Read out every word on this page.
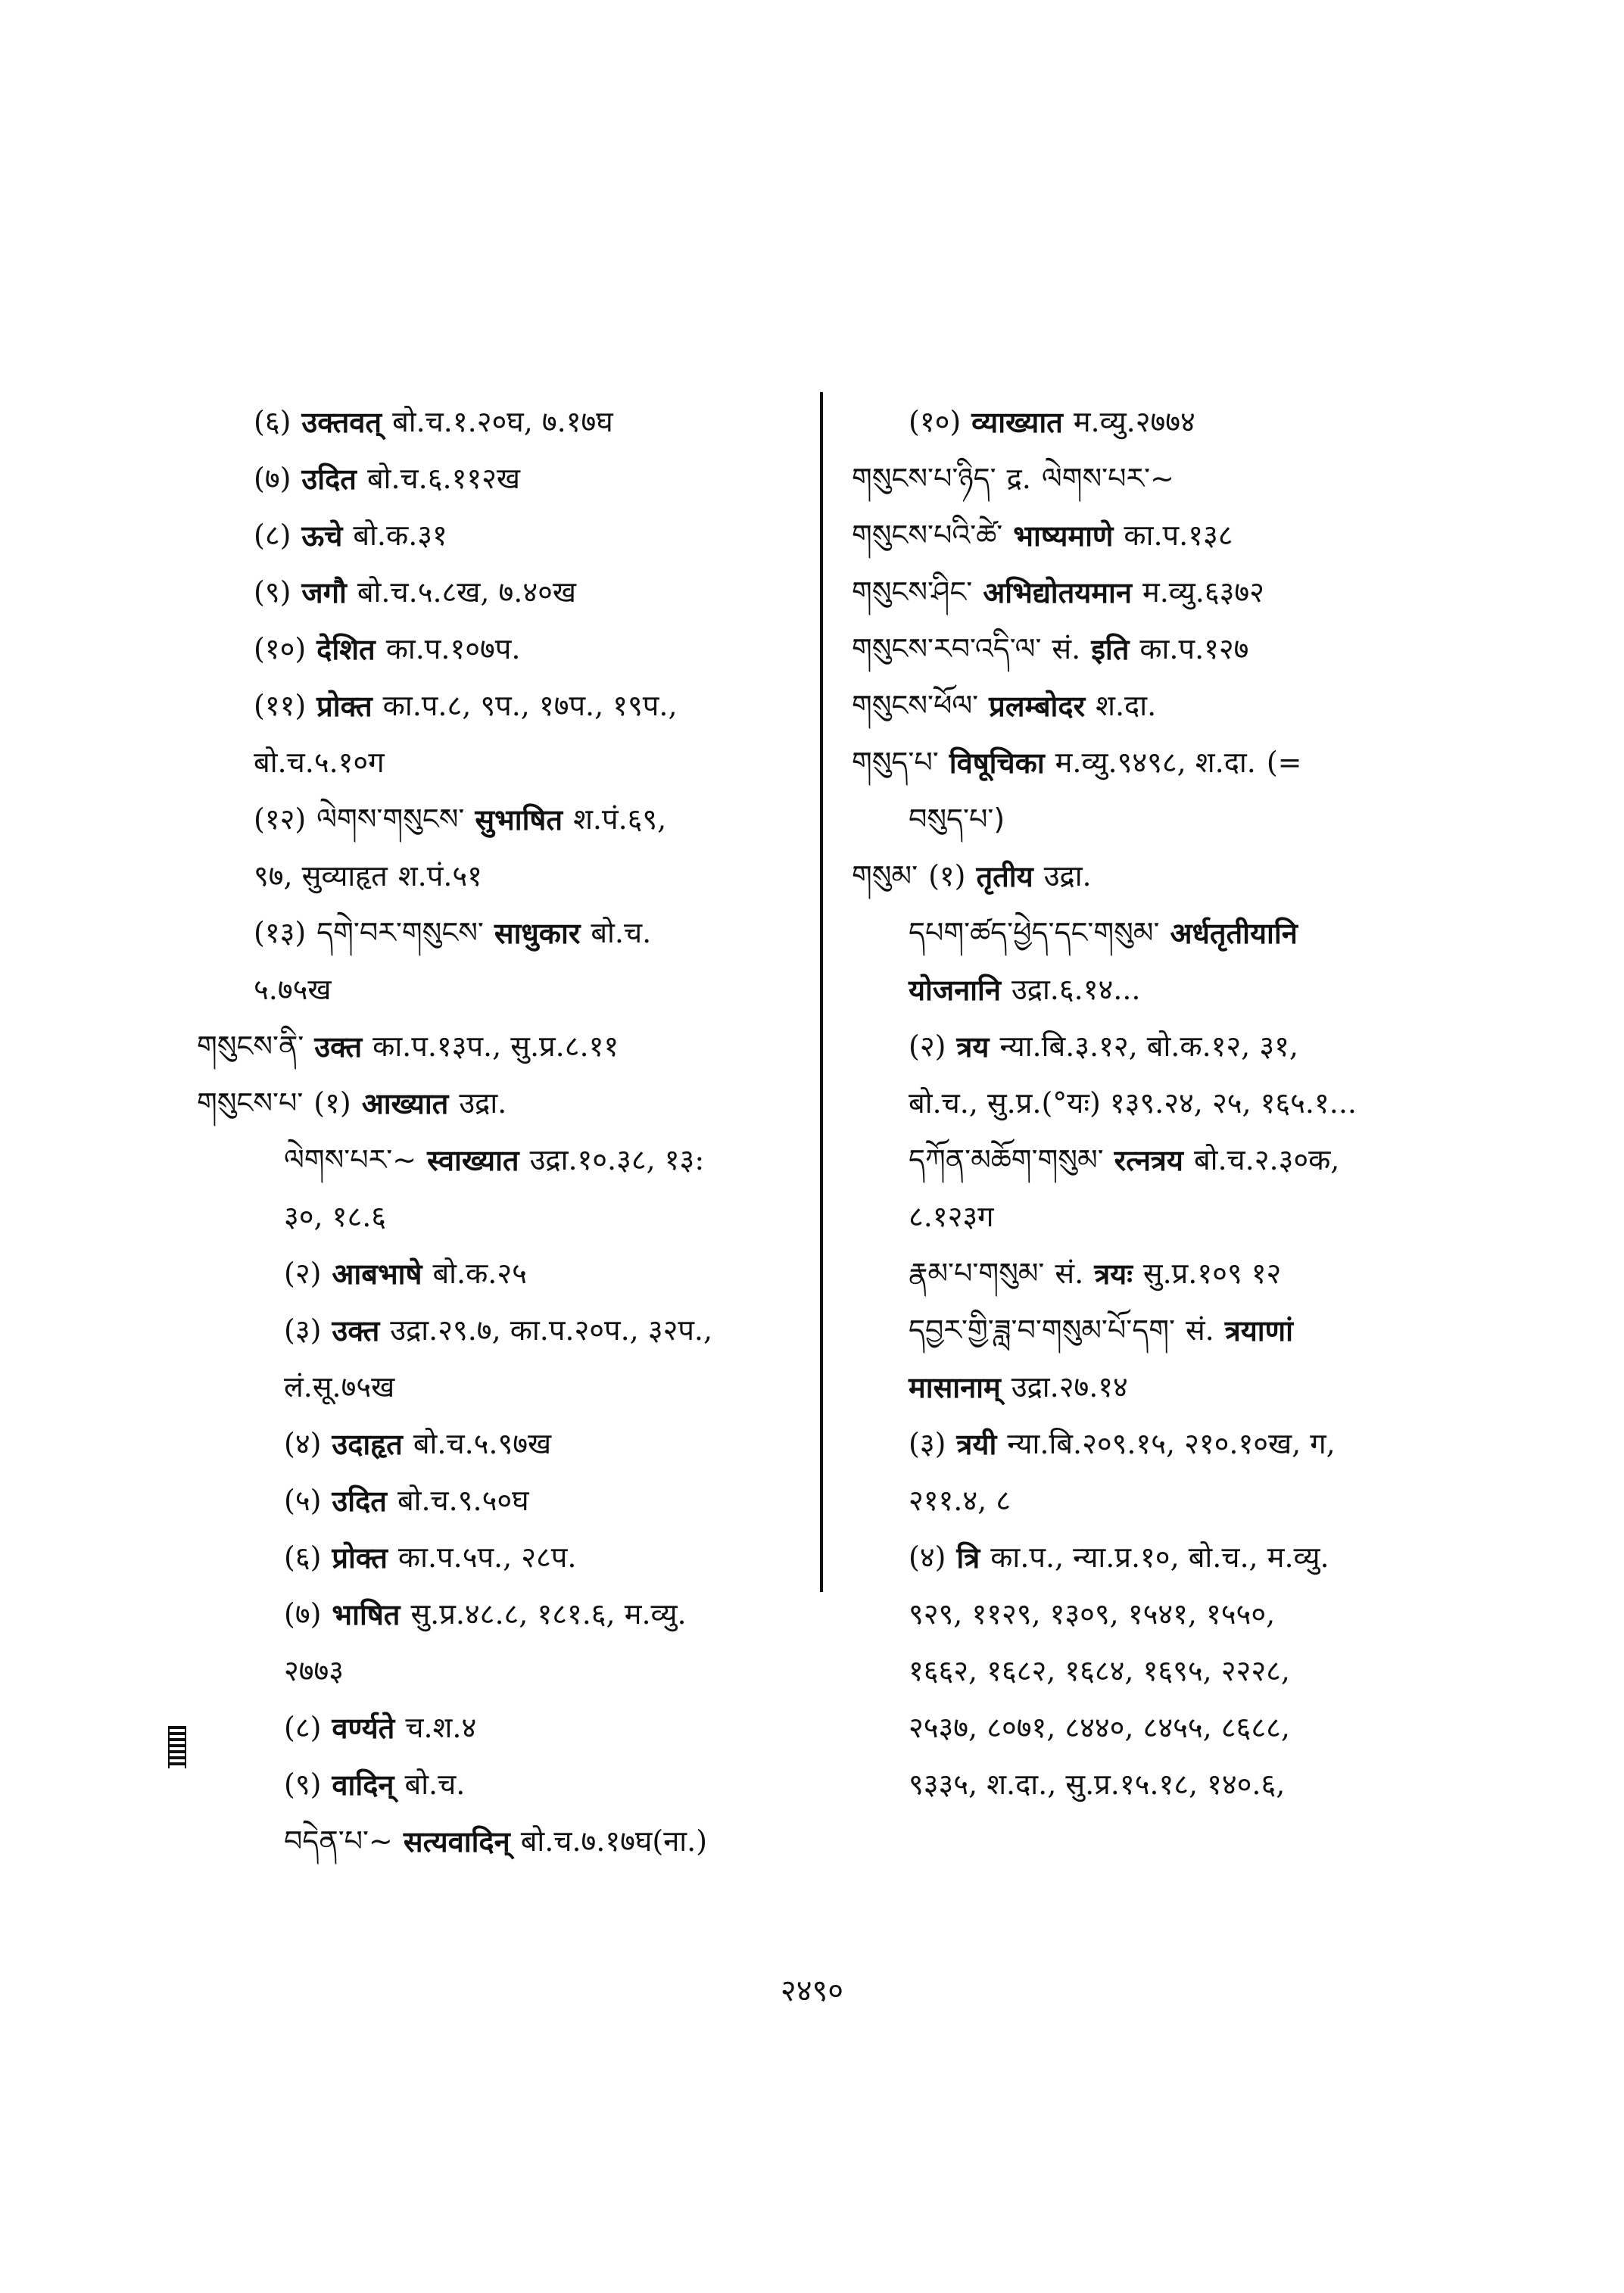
(६) उक्तवत् बो.च.१.२०घ, ७.१७घ
(७) उदित बो.च.६.११२ख
(८) ऊचे बो.क.३१
(९) जगौ बो.च.५.८ख, ७.४०ख
(१०) देशित का.प.१०७प.
(११) प्रोक्त का.प.८, ९प., १७प., १९प.,
बो.च.५.१०ग
(१२) ལེགས་གསུངས་ सुभाषित श.पं.६९,
९७, सुव्याहृत श.पं.५१
(१३) དགེ་བར་གསུངས་ साधुकार बो.च.
५.७५ख
གསུངས་ནི་ उक्त का.प.१३प., सु.प्र.८.११
གསུངས་པ་ (१) आख्यात उद्रा.
ལེགས་པར་~ स्वाख्यात उद्रा.१०.३८, १३:
३०, १८.६
(२) आबभाषे बो.क.२५
(३) उक्त उद्रा.२९.७, का.प.२०प., ३२प.,
लं.सू.७५ख
(४) उदाहृत बो.च.५.९७ख
(५) उदित बो.च.९.५०घ
(६) प्रोक्त का.प.५प., २८प.
(७) भाषित सु.प्र.४८.८, १८१.६, म.व्यु.
२७७३
(८) वर्ण्यते च.श.४
(९) वादिन् बो.च.
བདེན་པ་~ सत्यवादिन् बो.च.७.१७घ(ना.)
(१०) व्याख्यात म.व्यु.२७७४
གསུངས་པ་ཉིད་ द्र. ལེགས་པར་~
གསུངས་པའི་ཚེ་ भाष्यमाणे का.प.१३८
གསུངས་ཤིང་ अभिद्योतयमान म.व्यु.६३७२
གསུངས་རབ་འདི་ལ་ सं. इति का.प.१२७
གསུངས་ཕོལ་ प्रलम्बोदर श.दा.
གསུད་པ་ विषूचिका म.व्यु.९४९८, श.दा. (=
བསུད་པ་)
གསུམ་ (१) तृतीय उद्रा.
དཔག་ཚད་ཕྱེད་དང་གསུམ་ अर्धतृतीयानि
योजनानि उद्रा.६.१४...
(२) त्रय न्या.बि.३.१२, बो.क.१२, ३१,
बो.च., सु.प्र.(°यः) १३९.२४, २५, १६५.१...
དཀོན་མཆོག་གསུམ་ रत्नत्रय बो.च.२.३०क,
८.१२३ग
རྣམ་པ་གསུམ་ सं. त्रयः सु.प्र.१०९ १२
དབྱར་གྱི་ཟླ་བ་གསུམ་པོ་དག་ सं. त्रयाणां
मासानाम् उद्रा.२७.१४
(३) त्रयी न्या.बि.२०९.१५, २१०.१०ख, ग,
२११.४, ८
(४) त्रि का.प., न्या.प्र.१०, बो.च., म.व्यु.
९२९, ११२९, १३०९, १५४१, १५५०,
१६६२, १६८२, १६८४, १६९५, २२२८,
२५३७, ८०७१, ८४४०, ८४५५, ८६८८,
९३३५, श.दा., सु.प्र.१५.१८, १४०.६,
२४९०
